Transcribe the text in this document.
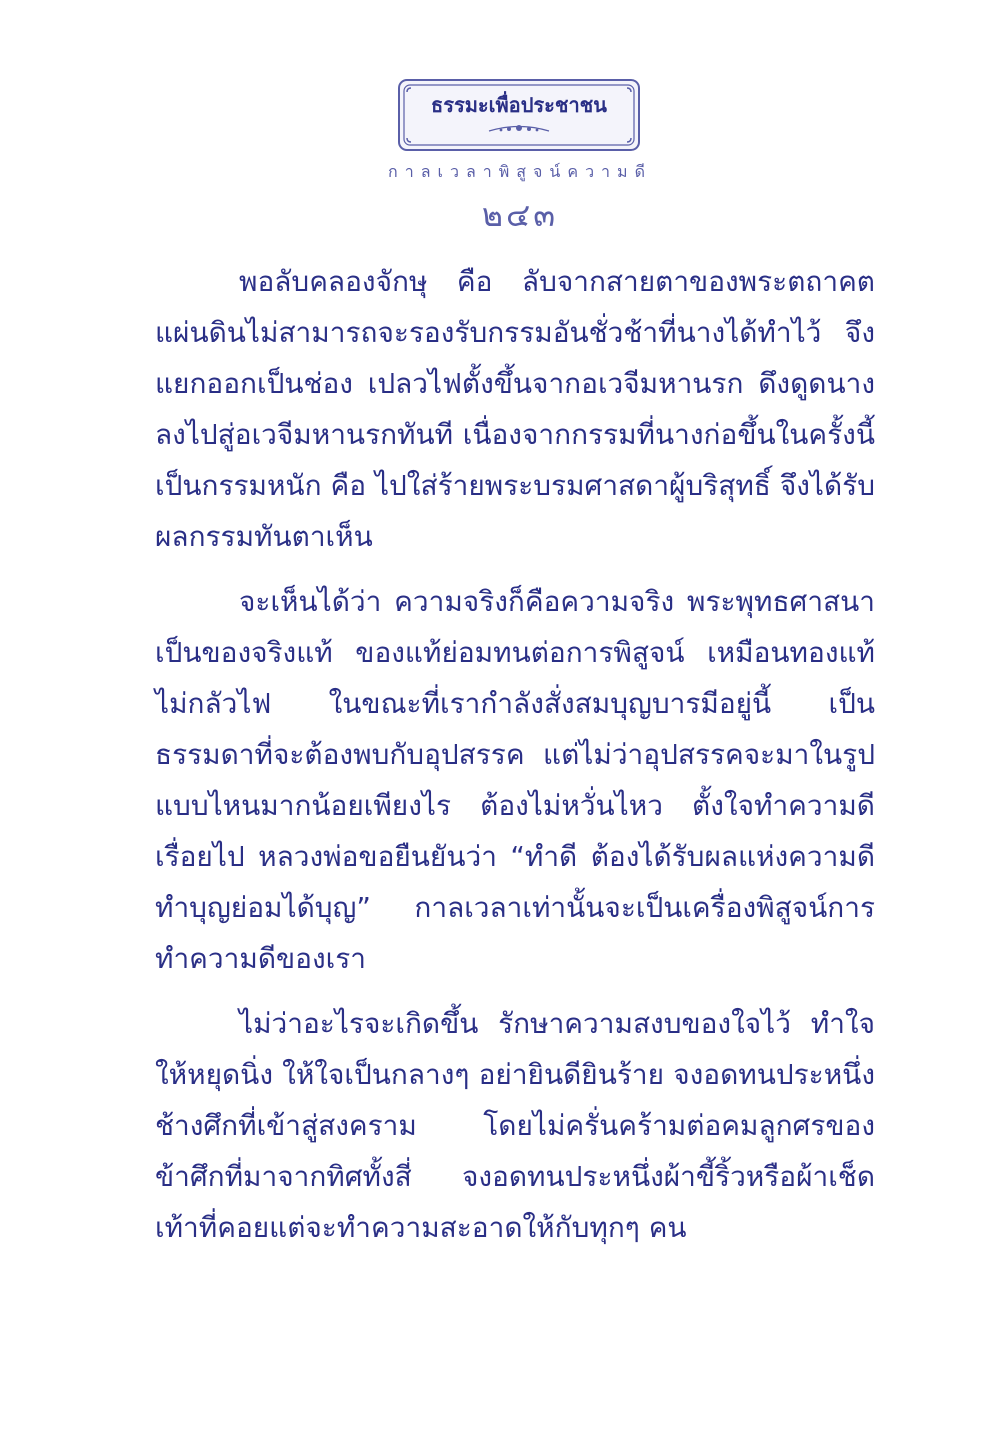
ธรรมะเพื่อประชาชน
กาลเวลาพิสูจน์ความดี
๒๔๓

พอลับคลองจักษุ คือ ลับจากสายตาของพระตถาคต แผ่นดินไม่สามารถจะรองรับกรรมอันชั่วช้าที่นางได้ทำไว้ จึงแยกออกเป็นช่อง เปลวไฟตั้งขึ้นจากอเวจีมหานรก ดึงดูดนางลงไปสู่อเวจีมหานรกทันที เนื่องจากกรรมที่นางก่อขึ้นในครั้งนี้เป็นกรรมหนัก คือ ไปใส่ร้ายพระบรมศาสดาผู้บริสุทธิ์ จึงได้รับผลกรรมทันตาเห็น

จะเห็นได้ว่า ความจริงก็คือความจริง พระพุทธศาสนาเป็นของจริงแท้ ของแท้ย่อมทนต่อการพิสูจน์ เหมือนทองแท้ไม่กลัวไฟ ในขณะที่เรากำลังสั่งสมบุญบารมีอยู่นี้ เป็นธรรมดาที่จะต้องพบกับอุปสรรค แต่ไม่ว่าอุปสรรคจะมาในรูปแบบไหนมากน้อยเพียงไร ต้องไม่หวั่นไหว ตั้งใจทำความดีเรื่อยไป หลวงพ่อขอยืนยันว่า “ทำดี ต้องได้รับผลแห่งความดี ทำบุญย่อมได้บุญ” กาลเวลาเท่านั้นจะเป็นเครื่องพิสูจน์การทำความดีของเรา

ไม่ว่าอะไรจะเกิดขึ้น รักษาความสงบของใจไว้ ทำใจให้หยุดนิ่ง ให้ใจเป็นกลางๆ อย่ายินดียินร้าย จงอดทนประหนึ่งช้างศึกที่เข้าสู่สงคราม โดยไม่ครั่นคร้ามต่อคมลูกศรของข้าศึกที่มาจากทิศทั้งสี่ จงอดทนประหนึ่งผ้าขี้ริ้วหรือผ้าเช็ดเท้าที่คอยแต่จะทำความสะอาดให้กับทุกๆ คน
